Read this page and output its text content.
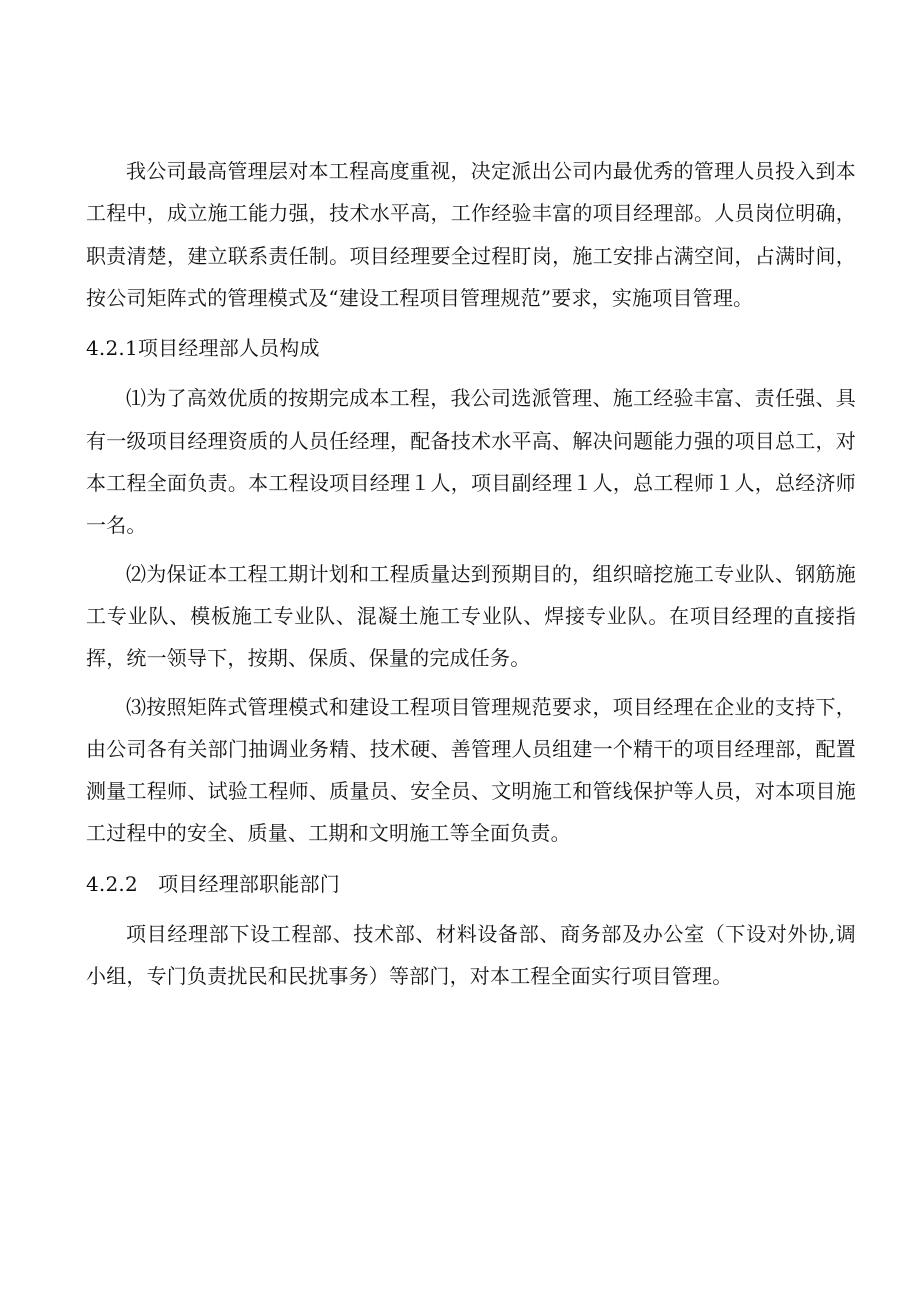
我公司最高管理层对本工程高度重视，决定派出公司内最优秀的管理人员投入到本工程中，成立施工能力强，技术水平高，工作经验丰富的项目经理部。人员岗位明确，职责清楚，建立联系责任制。项目经理要全过程盯岗，施工安排占满空间，占满时间，按公司矩阵式的管理模式及“建设工程项目管理规范”要求，实施项目管理。

4.2.1项目经理部人员构成

⑴为了高效优质的按期完成本工程，我公司选派管理、施工经验丰富、责任强、具有一级项目经理资质的人员任经理，配备技术水平高、解决问题能力强的项目总工，对本工程全面负责。本工程设项目经理１人，项目副经理１人，总工程师１人，总经济师一名。

⑵为保证本工程工期计划和工程质量达到预期目的，组织暗挖施工专业队、钢筋施工专业队、模板施工专业队、混凝土施工专业队、焊接专业队。在项目经理的直接指挥，统一领导下，按期、保质、保量的完成任务。

⑶按照矩阵式管理模式和建设工程项目管理规范要求，项目经理在企业的支持下，由公司各有关部门抽调业务精、技术硬、善管理人员组建一个精干的项目经理部，配置测量工程师、试验工程师、质量员、安全员、文明施工和管线保护等人员，对本项目施工过程中的安全、质量、工期和文明施工等全面负责。

4.2.2　项目经理部职能部门

项目经理部下设工程部、技术部、材料设备部、商务部及办公室（下设对外协,调小组，专门负责扰民和民扰事务）等部门，对本工程全面实行项目管理。
